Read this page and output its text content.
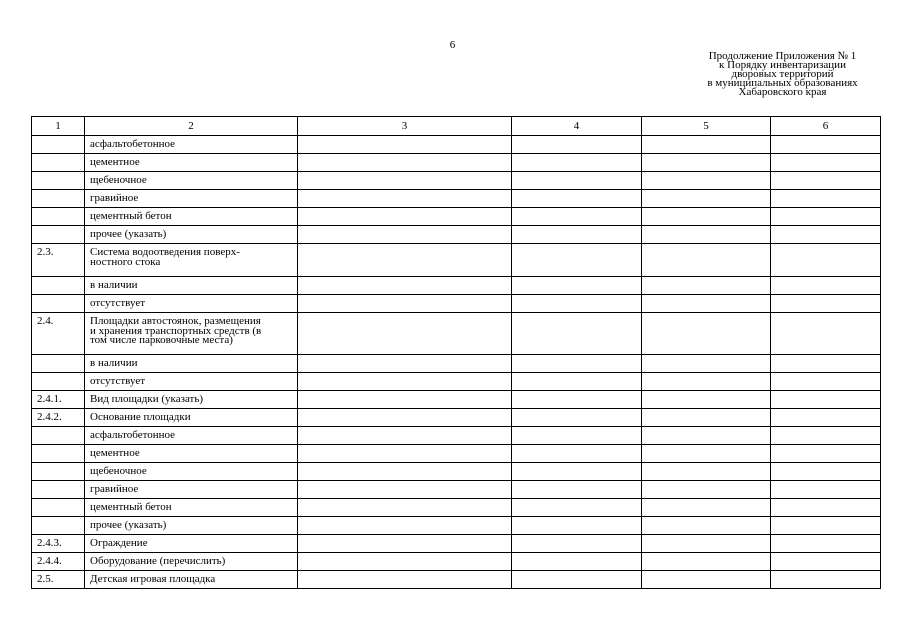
6
Продолжение Приложения № 1
к Порядку инвентаризации
дворовых территорий
в муниципальных образованиях
Хабаровского края
1	2	3	4	5	6
	асфальтобетонное				
	цементное				
	щебеночное				
	гравийное				
	цементный бетон				
	прочее (указать)				
2.3.	Система водоотведения поверх-
ностного стока				
	в наличии				
	отсутствует				
2.4.	Площадки автостоянок, размещения
и хранения транспортных средств (в
том числе парковочные места)				
	в наличии				
	отсутствует				
2.4.1.	Вид площадки (указать)				
2.4.2.	Основание площадки				
	асфальтобетонное				
	цементное				
	щебеночное				
	гравийное				
	цементный бетон				
	прочее (указать)				
2.4.3.	Ограждение				
2.4.4.	Оборудование (перечислить)				
2.5.	Детская игровая площадка				
